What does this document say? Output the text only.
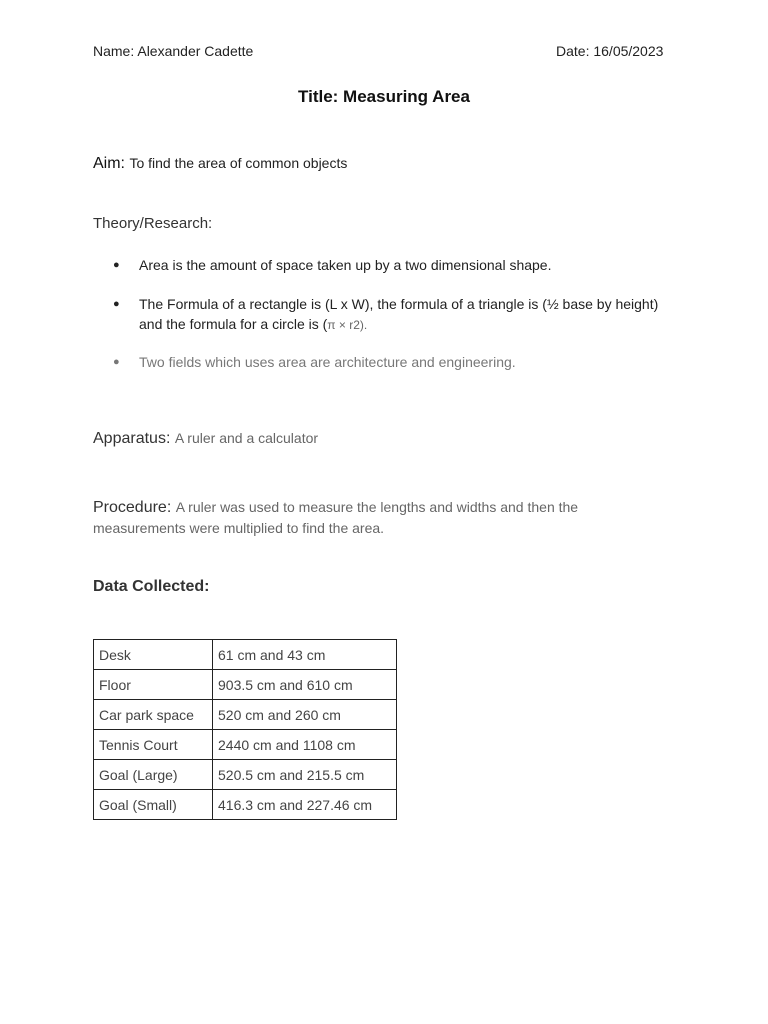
Name: Alexander Cadette	Date: 16/05/2023
Title: Measuring Area
Aim: To find the area of common objects
Theory/Research:
●	Area is the amount of space taken up by a two dimensional shape.
●	The Formula of a rectangle is (L x W), the formula of a triangle is (½ base by height) and the formula for a circle is (π × r2).
●	Two fields which uses area are architecture and engineering.
Apparatus: A ruler and a calculator
Procedure: A ruler was used to measure the lengths and widths and then the measurements were multiplied to find the area.
Data Collected:
Desk	61 cm and 43 cm
Floor	903.5 cm and 610 cm
Car park space	520 cm and 260 cm
Tennis Court	2440 cm and 1108 cm
Goal (Large)	520.5 cm and 215.5 cm
Goal (Small)	416.3 cm and 227.46 cm
